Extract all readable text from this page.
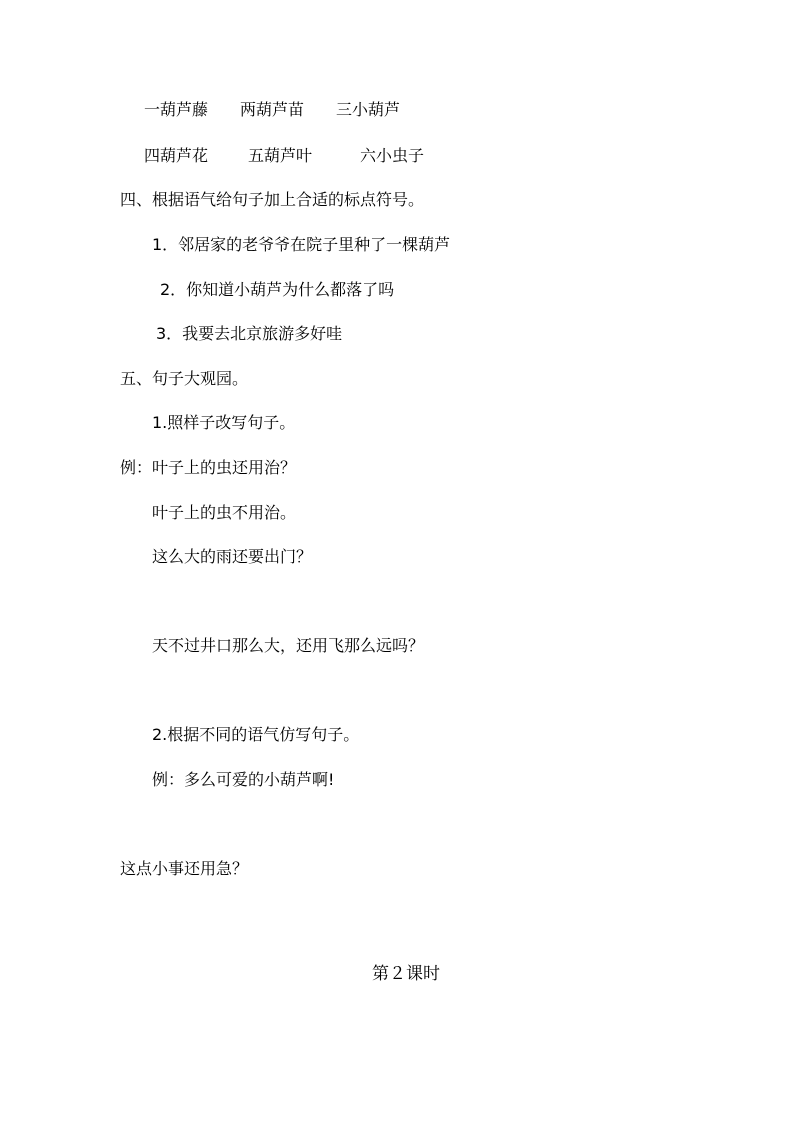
一葫芦藤 两葫芦苗 三小葫芦
四葫芦花 五葫芦叶	六小虫子
四、根据语气给句子加上合适的标点符号。
1．邻居家的老爷爷在院子里种了一棵葫芦
2．你知道小葫芦为什么都落了吗
3．我要去北京旅游多好哇
五、句子大观园。
1.照样子改写句子。
例：叶子上的虫还用治？
叶子上的虫不用治。
这么大的雨还要出门？
天不过井口那么大，还用飞那么远吗？
2.根据不同的语气仿写句子。
例：多么可爱的小葫芦啊!
这点小事还用急？
第２课时
